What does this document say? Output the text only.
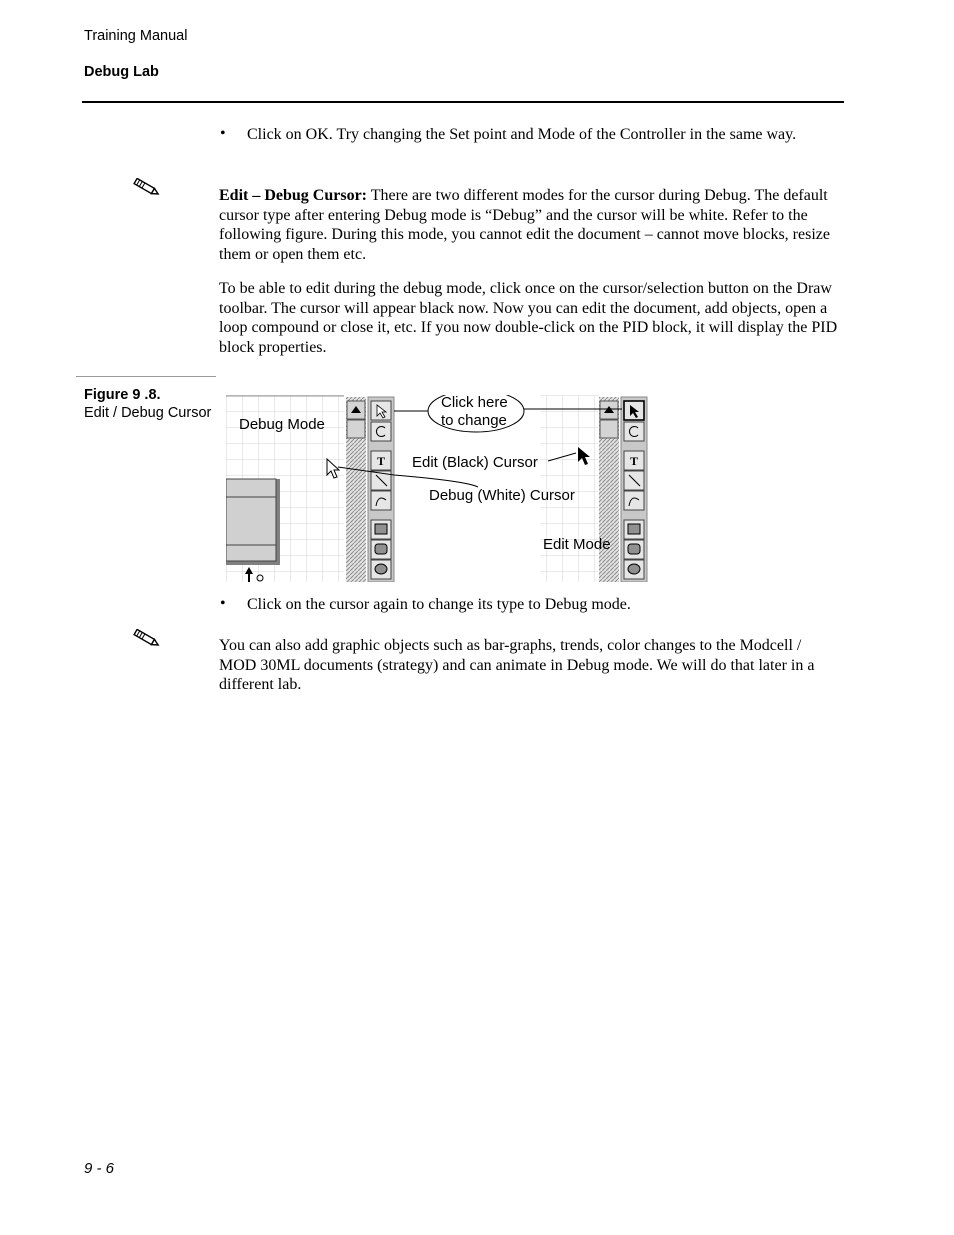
Training Manual
Debug Lab
• Click on OK. Try changing the Set point and Mode of the Controller in the same way.
Edit – Debug Cursor: There are two different modes for the cursor during Debug. The default cursor type after entering Debug mode is “Debug” and the cursor will be white. Refer to the following figure. During this mode, you cannot edit the document – cannot move blocks, resize them or open them etc.
To be able to edit during the debug mode, click once on the cursor/selection button on the Draw toolbar. The cursor will appear black now. Now you can edit the document, add objects, open a loop compound or close it, etc. If you now double-click on the PID block, it will display the PID block properties.
Figure 9 .8.
Edit / Debug Cursor
T	T
Debug Mode
Click here
to change
Edit (Black) Cursor
Debug (White) Cursor
Edit Mode
• Click on the cursor again to change its type to Debug mode.
You can also add graphic objects such as bar-graphs, trends, color changes to the Modcell / MOD 30ML documents (strategy) and can animate in Debug mode. We will do that later in a different lab.
9 - 6
